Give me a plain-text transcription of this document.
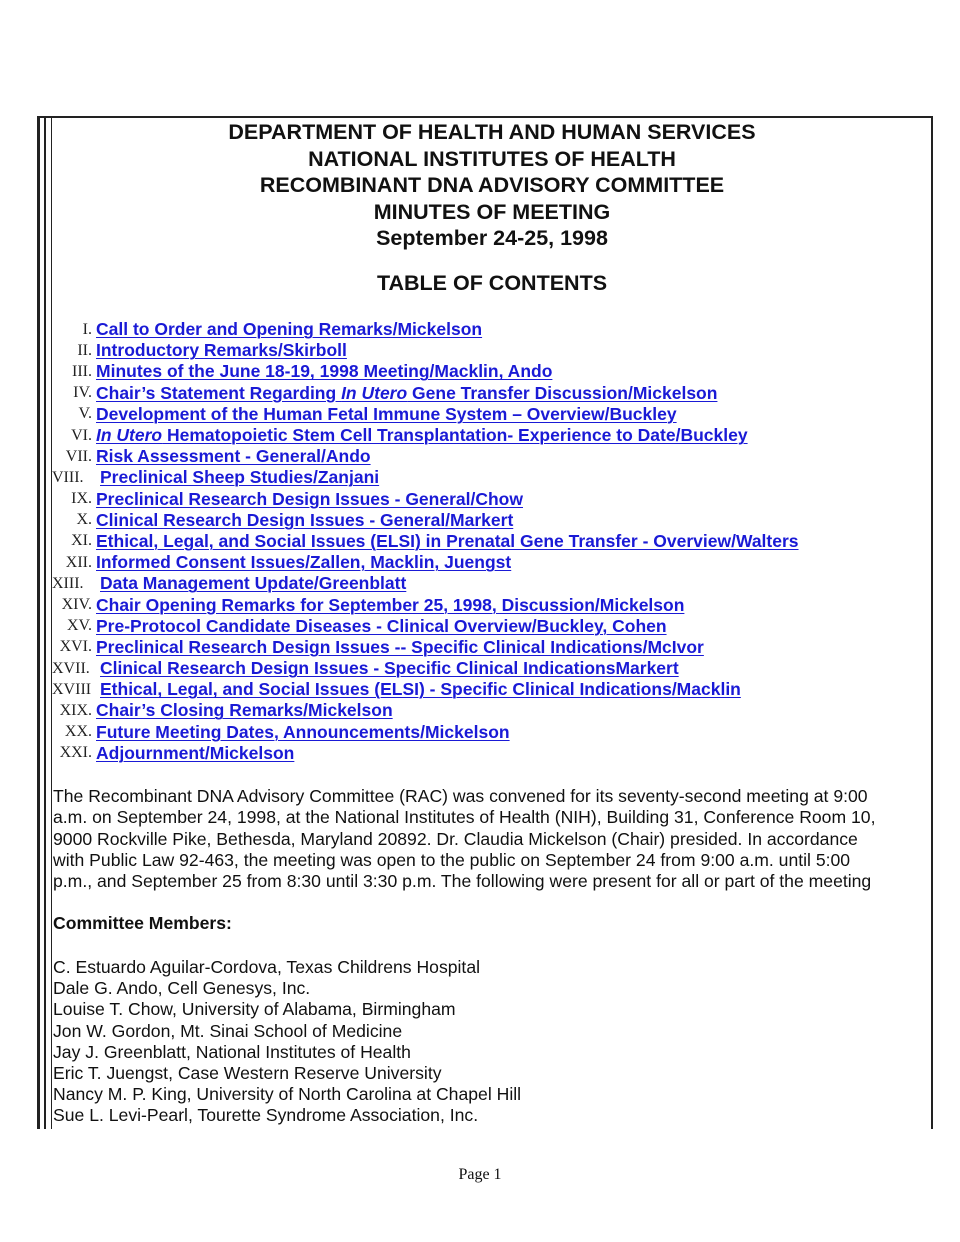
DEPARTMENT OF HEALTH AND HUMAN SERVICES
NATIONAL INSTITUTES OF HEALTH
RECOMBINANT DNA ADVISORY COMMITTEE
MINUTES OF MEETING
September 24-25, 1998
TABLE OF CONTENTS
I. Call to Order and Opening Remarks/Mickelson
II. Introductory Remarks/Skirboll
III. Minutes of the June 18-19, 1998 Meeting/Macklin, Ando
IV. Chair’s Statement Regarding In Utero Gene Transfer Discussion/Mickelson
V. Development of the Human Fetal Immune System – Overview/Buckley
VI. In Utero Hematopoietic Stem Cell Transplantation- Experience to Date/Buckley
VII. Risk Assessment - General/Ando
VIII. Preclinical Sheep Studies/Zanjani
IX. Preclinical Research Design Issues - General/Chow
X. Clinical Research Design Issues - General/Markert
XI. Ethical, Legal, and Social Issues (ELSI) in Prenatal Gene Transfer - Overview/Walters
XII. Informed Consent Issues/Zallen, Macklin, Juengst
XIII. Data Management Update/Greenblatt
XIV. Chair Opening Remarks for September 25, 1998, Discussion/Mickelson
XV. Pre-Protocol Candidate Diseases - Clinical Overview/Buckley, Cohen
XVI. Preclinical Research Design Issues -- Specific Clinical Indications/McIvor
XVII. Clinical Research Design Issues - Specific Clinical IndicationsMarkert
XVIII Ethical, Legal, and Social Issues (ELSI) - Specific Clinical Indications/Macklin
XIX. Chair’s Closing Remarks/Mickelson
XX. Future Meeting Dates, Announcements/Mickelson
XXI. Adjournment/Mickelson
The Recombinant DNA Advisory Committee (RAC) was convened for its seventy-second meeting at 9:00
a.m. on September 24, 1998, at the National Institutes of Health (NIH), Building 31, Conference Room 10,
9000 Rockville Pike, Bethesda, Maryland 20892. Dr. Claudia Mickelson (Chair) presided. In accordance
with Public Law 92-463, the meeting was open to the public on September 24 from 9:00 a.m. until 5:00
p.m., and September 25 from 8:30 until 3:30 p.m. The following were present for all or part of the meeting
Committee Members:
C. Estuardo Aguilar-Cordova, Texas Childrens Hospital
Dale G. Ando, Cell Genesys, Inc.
Louise T. Chow, University of Alabama, Birmingham
Jon W. Gordon, Mt. Sinai School of Medicine
Jay J. Greenblatt, National Institutes of Health
Eric T. Juengst, Case Western Reserve University
Nancy M. P. King, University of North Carolina at Chapel Hill
Sue L. Levi-Pearl, Tourette Syndrome Association, Inc.
Page 1
